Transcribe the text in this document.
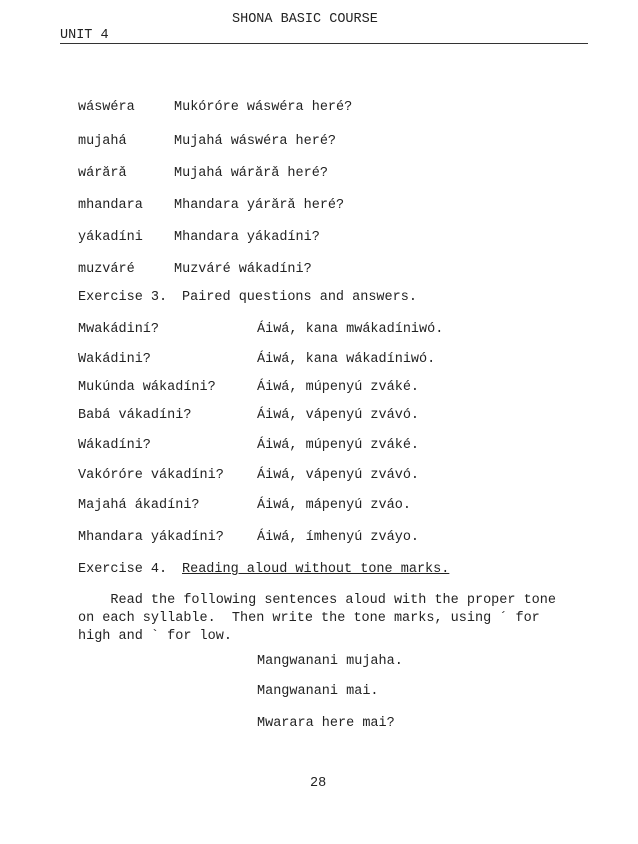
UNIT 4
SHONA BASIC COURSE
wáswéra	Mukóróre wáswéra heré?
mujahá	Mujahá wáswéra heré?
wárărǎ	Mujahá wárărǎ heré?
mhandara Mhandara yárărǎ heré?
yákadíni Mhandara yákadíni?
muzváré	Muzváré wákadíni?
Exercise 3. Paired questions and answers.
Mwakádiní?	Áiwá, kana mwákadíniwó.
Wakádini?	Áiwá, kana wákadíniwó.
Mukúnda wákadíni?	Áiwá, múpenyú zváké.
Babá vákadíni?	Áiwá, vápenyú zvávó.
Wákadíni?	Áiwá, múpenyú zváké.
Vakóróre vákadíni? Áiwá, vápenyú zvávó.
Majahá ákadíni?	Áiwá, mápenyú zváo.
Mhandara yákadíni? Áiwá, ímhenyú zváyo.
Exercise 4. Reading aloud without tone marks.
Read the following sentences aloud with the proper tone
on each syllable.  Then write the tone marks, using ´ for
high and ` for low.
Mangwanani mujaha.
Mangwanani mai.
Mwarara here mai?
28
